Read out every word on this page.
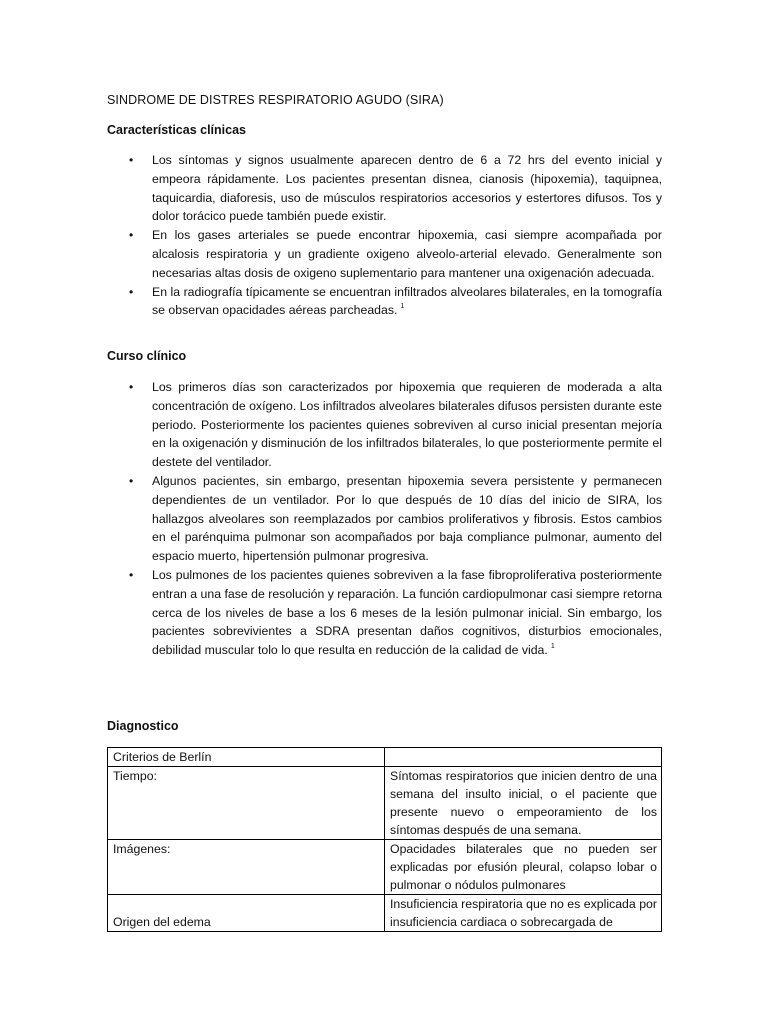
SINDROME DE DISTRES RESPIRATORIO AGUDO (SIRA)
Características clínicas
• Los síntomas y signos usualmente aparecen dentro de 6 a 72 hrs del evento inicial y empeora rápidamente. Los pacientes presentan disnea, cianosis (hipoxemia), taquipnea, taquicardia, diaforesis, uso de músculos respiratorios accesorios y estertores difusos. Tos y dolor torácico puede también puede existir.
• En los gases arteriales se puede encontrar hipoxemia, casi siempre acompañada por alcalosis respiratoria y un gradiente oxigeno alveolo-arterial elevado. Generalmente son necesarias altas dosis de oxigeno suplementario para mantener una oxigenación adecuada.
• En la radiografía típicamente se encuentran infiltrados alveolares bilaterales, en la tomografía se observan opacidades aéreas parcheadas. $^1$
Curso clínico
• Los primeros días son caracterizados por hipoxemia que requieren de moderada a alta concentración de oxígeno. Los infiltrados alveolares bilaterales difusos persisten durante este periodo. Posteriormente los pacientes quienes sobreviven al curso inicial presentan mejoría en la oxigenación y disminución de los infiltrados bilaterales, lo que posteriormente permite el destete del ventilador.
• Algunos pacientes, sin embargo, presentan hipoxemia severa persistente y permanecen dependientes de un ventilador. Por lo que después de 10 días del inicio de SIRA, los hallazgos alveolares son reemplazados por cambios proliferativos y fibrosis. Estos cambios en el parénquima pulmonar son acompañados por baja compliance pulmonar, aumento del espacio muerto, hipertensión pulmonar progresiva.
• Los pulmones de los pacientes quienes sobreviven a la fase fibroproliferativa posteriormente entran a una fase de resolución y reparación. La función cardiopulmonar casi siempre retorna cerca de los niveles de base a los 6 meses de la lesión pulmonar inicial. Sin embargo, los pacientes sobrevivientes a SDRA presentan daños cognitivos, disturbios emocionales, debilidad muscular tolo lo que resulta en reducción de la calidad de vida. $^1$
Diagnostico
Criterios de Berlín	
Tiempo:	Síntomas respiratorios que inicien dentro de una semana del insulto inicial, o el paciente que presente nuevo o empeoramiento de los síntomas después de una semana.
Imágenes:	Opacidades bilaterales que no pueden ser explicadas por efusión pleural, colapso lobar o pulmonar o nódulos pulmonares
Origen del edema	Insuficiencia respiratoria que no es explicada por insuficiencia cardiaca o sobrecargada de
